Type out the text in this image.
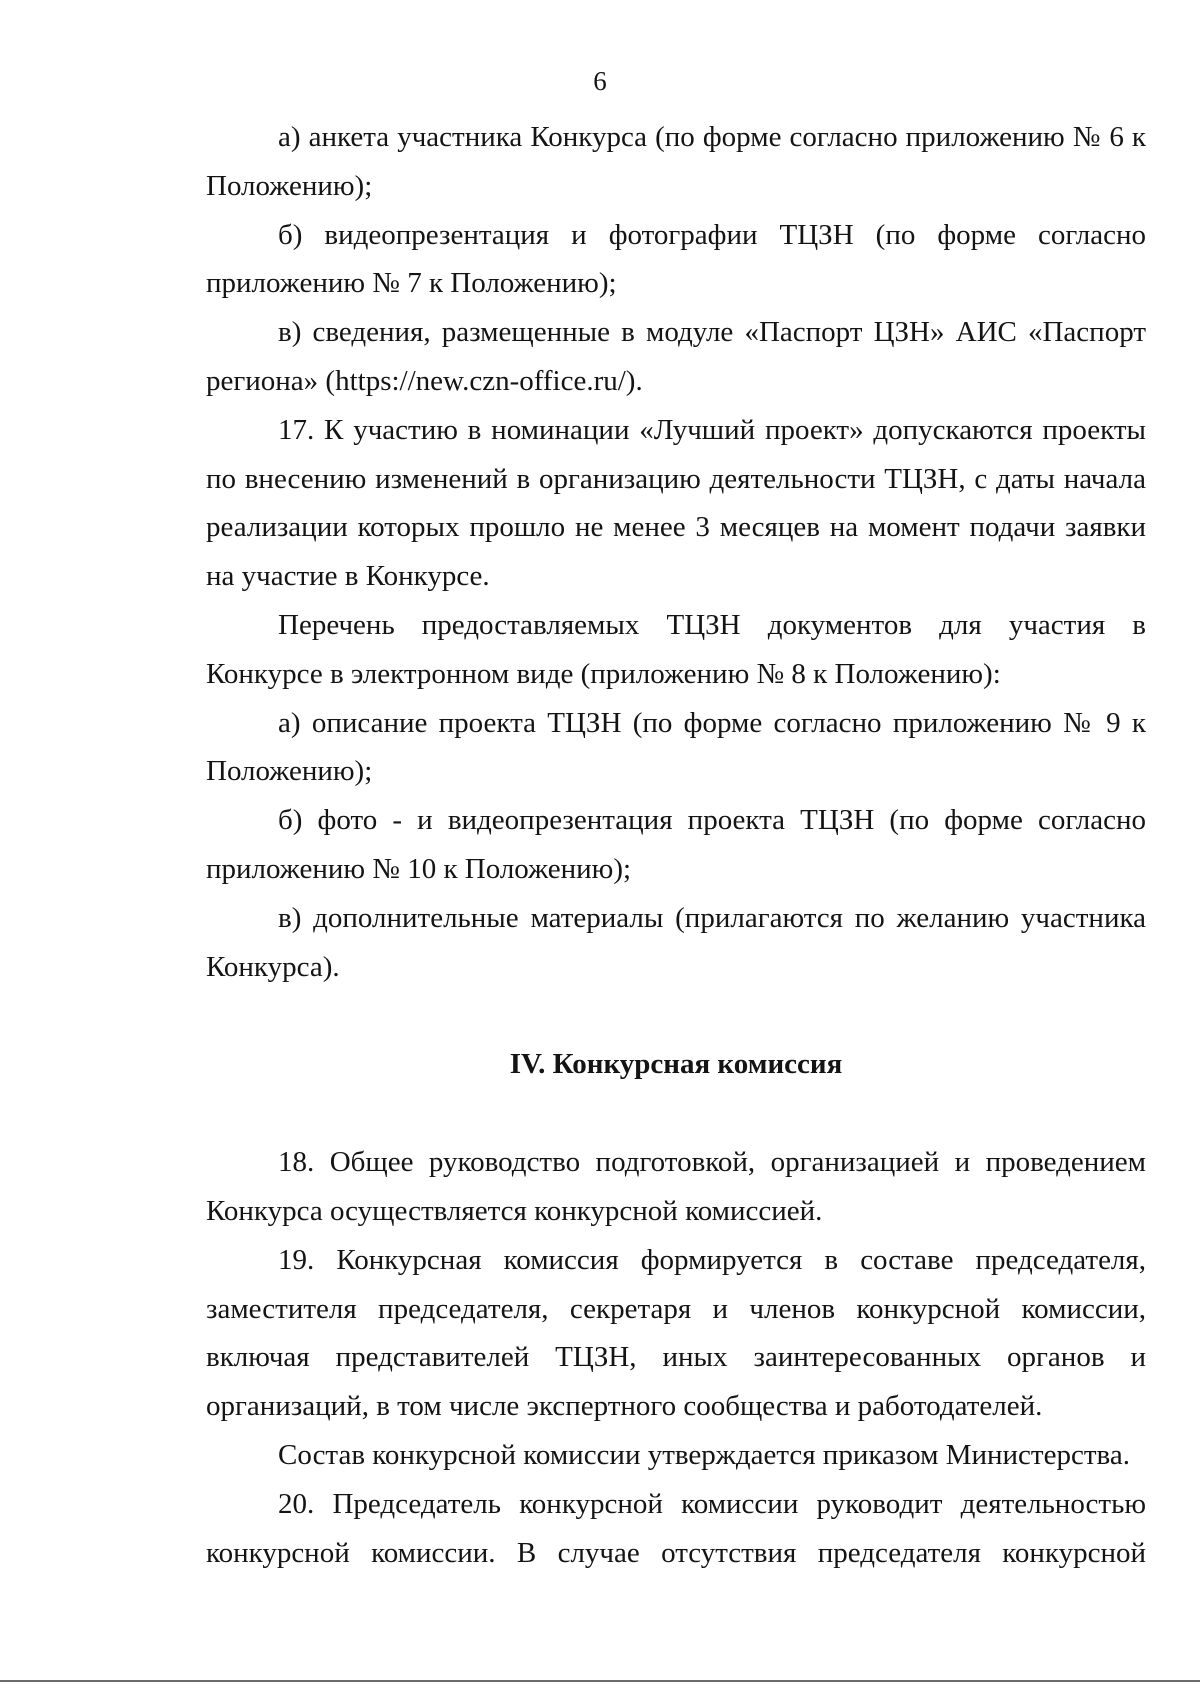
6

а) анкета участника Конкурса (по форме согласно приложению № 6 к Положению);

б) видеопрезентация и фотографии ТЦЗН (по форме согласно приложению № 7 к Положению);

в) сведения, размещенные в модуле «Паспорт ЦЗН» АИС «Паспорт региона» (https://new.czn-office.ru/).

17. К участию в номинации «Лучший проект» допускаются проекты по внесению изменений в организацию деятельности ТЦЗН, с даты начала реализации которых прошло не менее 3 месяцев на момент подачи заявки на участие в Конкурсе.

Перечень предоставляемых ТЦЗН документов для участия в Конкурсе в электронном виде (приложению № 8 к Положению):

а) описание проекта ТЦЗН (по форме согласно приложению № 9 к Положению);

б) фото - и видеопрезентация проекта ТЦЗН (по форме согласно приложению № 10 к Положению);

в) дополнительные материалы (прилагаются по желанию участника Конкурса).

IV. Конкурсная комиссия

18. Общее руководство подготовкой, организацией и проведением Конкурса осуществляется конкурсной комиссией.

19. Конкурсная комиссия формируется в составе председателя, заместителя председателя, секретаря и членов конкурсной комиссии, включая представителей ТЦЗН, иных заинтересованных органов и организаций, в том числе экспертного сообщества и работодателей.

Состав конкурсной комиссии утверждается приказом Министерства.

20. Председатель конкурсной комиссии руководит деятельностью конкурсной комиссии. В случае отсутствия председателя конкурсной
